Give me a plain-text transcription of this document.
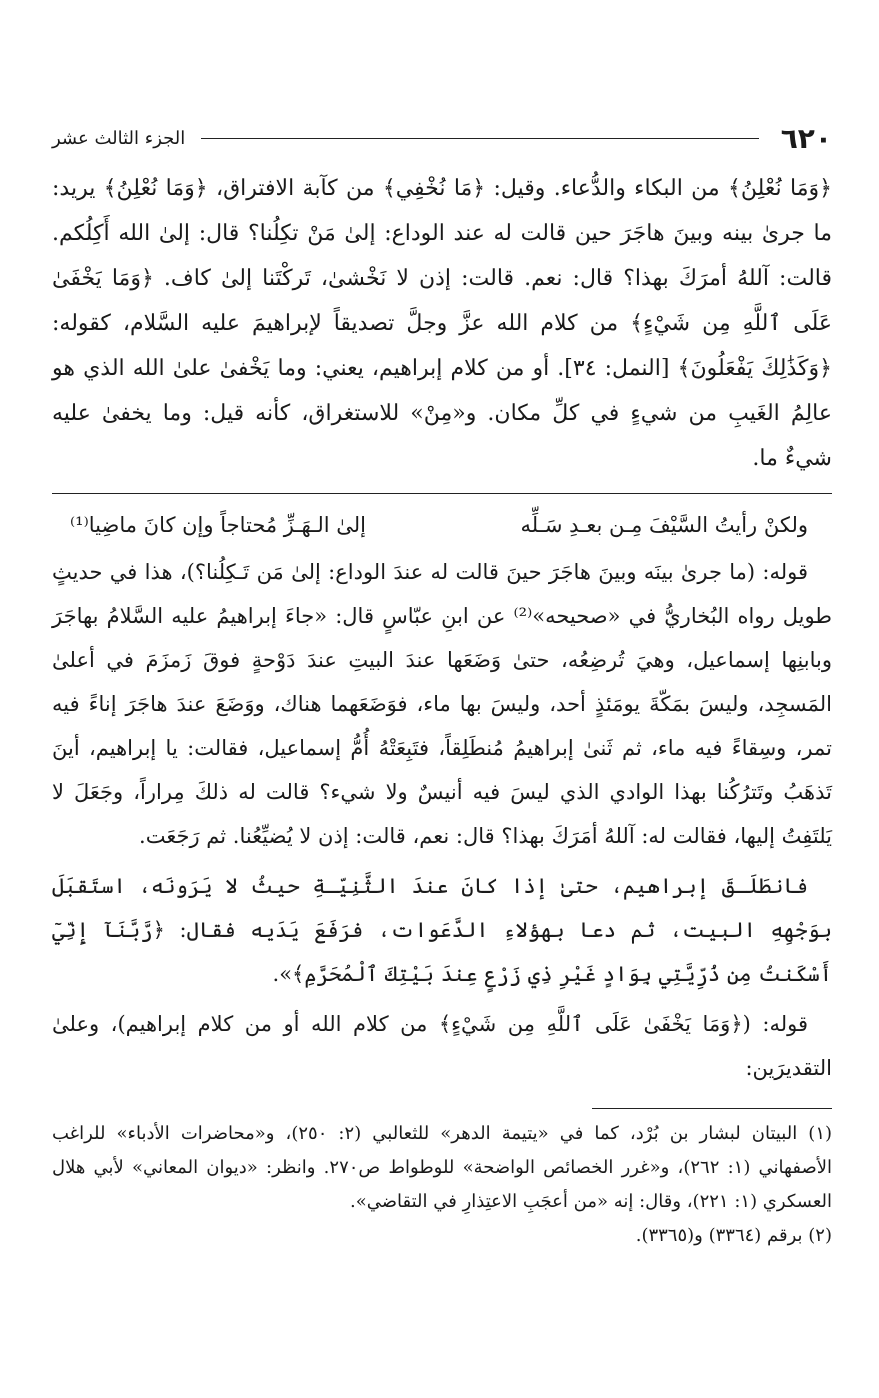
٦٢٠
الجزء الثالث عشر

﴿وَمَا نُعْلِنُ﴾ من البكاء والدُّعاء. وقيل: ﴿مَا نُخْفِي﴾ من كآبة الافتراق، ﴿وَمَا نُعْلِنُ﴾ يريد: ما جرىٰ بينه وبينَ هاجَرَ حين قالت له عند الوداع: إلىٰ مَنْ تكِلُنا؟ قال: إلىٰ الله أَكِلُكم. قالت: آللهُ أمرَكَ بهذا؟ قال: نعم. قالت: إذن لا نَخْشىٰ، تَركْتَنا إلىٰ كاف. ﴿وَمَا يَخْفَىٰ عَلَى ٱللَّهِ مِن شَيْءٍ﴾ من كلام الله عزَّ وجلَّ تصديقاً لإبراهيمَ عليه السَّلام، كقوله: ﴿وَكَذَٰلِكَ يَفْعَلُونَ﴾ [النمل: ٣٤]. أو من كلام إبراهيم، يعني: وما يَخْفىٰ علىٰ الله الذي هو عالِمُ الغَيبِ من شيءٍ في كلِّ مكان. و«مِنْ» للاستغراق، كأنه قيل: وما يخفىٰ عليه شيءٌ ما.

ولكنْ رأيتُ السَّيْفَ مِـن بعـدِ سَـلِّه
إلىٰ الـهَـزِّ مُحتاجاً وإن كانَ ماضِيا⁽¹⁾

قوله: (ما جرىٰ بينَه وبينَ هاجَرَ حينَ قالت له عندَ الوداع: إلىٰ مَن تَـكِلُنا؟)، هذا في حديثٍ طويل رواه البُخاريُّ في «صحيحه»⁽²⁾ عن ابنِ عبّاسٍ قال: «جاءَ إبراهيمُ عليه السَّلامُ بهاجَرَ وبابنِها إسماعيل، وهيَ تُرضِعُه، حتىٰ وَضَعَها عندَ البيتِ عندَ دَوْحةٍ فوقَ زَمزَمَ في أعلىٰ المَسجِد، وليسَ بمَكّةَ يومَئذٍ أحد، وليسَ بها ماء، فوَضَعَهما هناك، ووَضَعَ عندَ هاجَرَ إناءً فيه تمر، وسِقاءً فيه ماء، ثم ثَنىٰ إبراهيمُ مُنطَلِقاً، فتَبِعَتْهُ أُمُّ إسماعيل، فقالت: يا إبراهيم، أينَ تَذهَبُ وتَترُكُنا بهذا الوادي الذي ليسَ فيه أنيسٌ ولا شيء؟ قالت له ذلكَ مِراراً، وجَعَلَ لا يَلتَفِتُ إليها، فقالت له: آللهُ أمَرَكَ بهذا؟ قال: نعم، قالت: إذن لا يُضيِّعُنا. ثم رَجَعَت.

فانطَلَـقَ إبراهيم، حتىٰ إذا كانَ عندَ الثَّنِيّـةِ حيثُ لا يَرَونَه، استَقبَلَ بوَجْهِهِ البيت، ثم دعا بهؤلاءِ الدَّعَوات، فرَفَعَ يَدَيه فقال: ﴿رَّبَّنَآ إِنِّيٓ أَسْكَنتُ مِن ذُرِّيَّتِي بِوَادٍ غَيْرِ ذِي زَرْعٍ عِندَ بَيْتِكَ ٱلْمُحَرَّمِ﴾».

قوله: (﴿وَمَا يَخْفَىٰ عَلَى ٱللَّهِ مِن شَيْءٍ﴾ من كلام الله أو من كلام إبراهيم)، وعلىٰ التقديرَين:

(١) البيتان لبشار بن بُرْد، كما في «يتيمة الدهر» للثعالبي (٢: ٢٥٠)، و«محاضرات الأدباء» للراغب الأصفهاني (١: ٢٦٢)، و«غرر الخصائص الواضحة» للوطواط ص٢٧٠. وانظر: «ديوان المعاني» لأبي هلال العسكري (١: ٢٢١)، وقال: إنه «من أعجَبِ الاعتِذارِ في التقاضي».

(٢) برقم (٣٣٦٤) و(٣٣٦٥).
